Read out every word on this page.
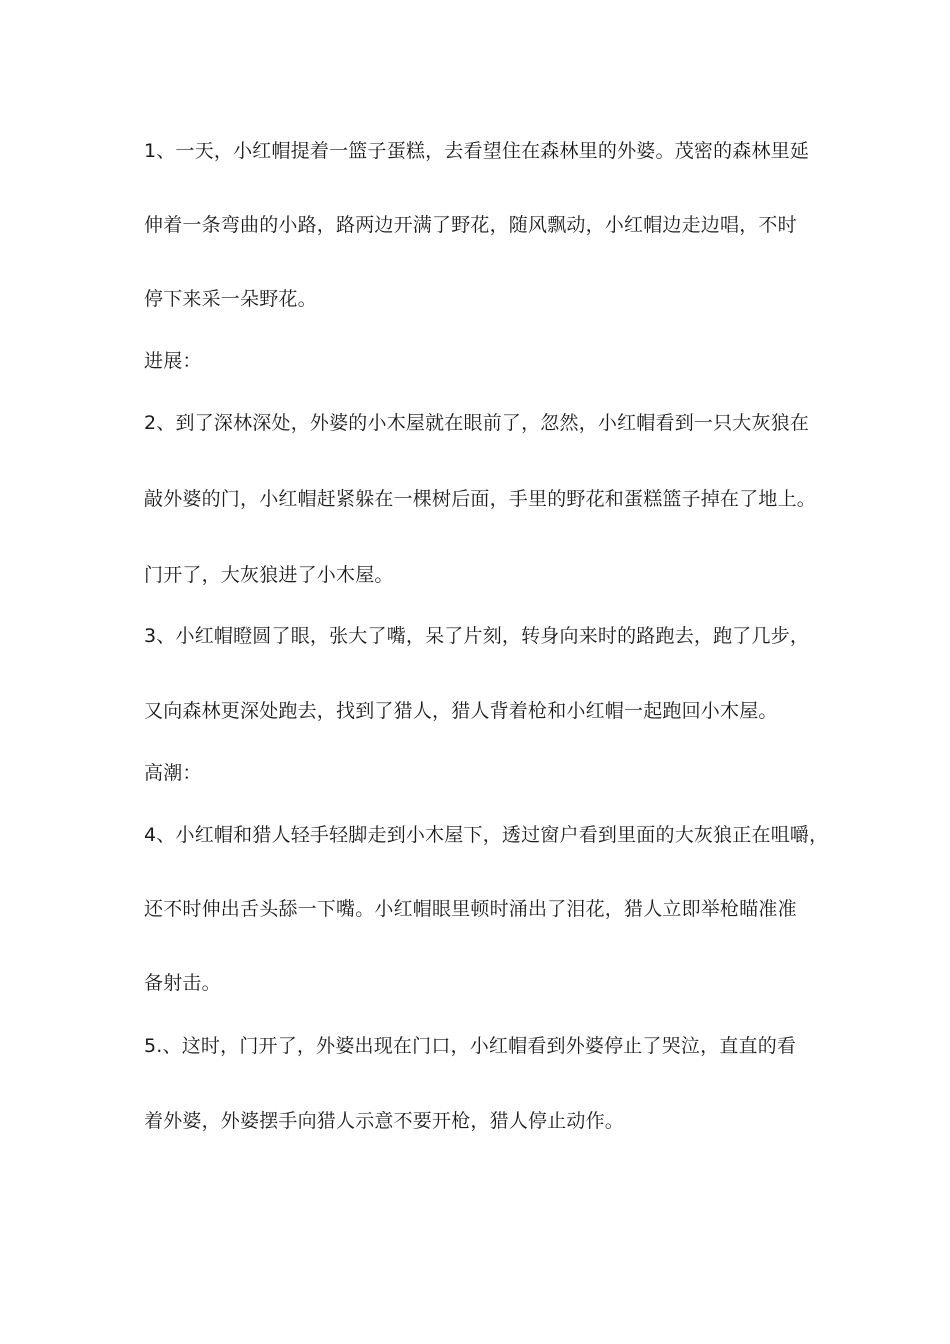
1、一天，小红帽提着一篮子蛋糕，去看望住在森林里的外婆。茂密的森林里延
伸着一条弯曲的小路，路两边开满了野花，随风飘动，小红帽边走边唱，不时
停下来采一朵野花。
进展：
2、到了深林深处，外婆的小木屋就在眼前了，忽然，小红帽看到一只大灰狼在
敲外婆的门，小红帽赶紧躲在一棵树后面，手里的野花和蛋糕篮子掉在了地上。
门开了，大灰狼进了小木屋。
3、小红帽瞪圆了眼，张大了嘴，呆了片刻，转身向来时的路跑去，跑了几步，
又向森林更深处跑去，找到了猎人，猎人背着枪和小红帽一起跑回小木屋。
高潮：
4、小红帽和猎人轻手轻脚走到小木屋下，透过窗户看到里面的大灰狼正在咀嚼，
还不时伸出舌头舔一下嘴。小红帽眼里顿时涌出了泪花，猎人立即举枪瞄准准
备射击。
5.、这时，门开了，外婆出现在门口，小红帽看到外婆停止了哭泣，直直的看
着外婆，外婆摆手向猎人示意不要开枪，猎人停止动作。
